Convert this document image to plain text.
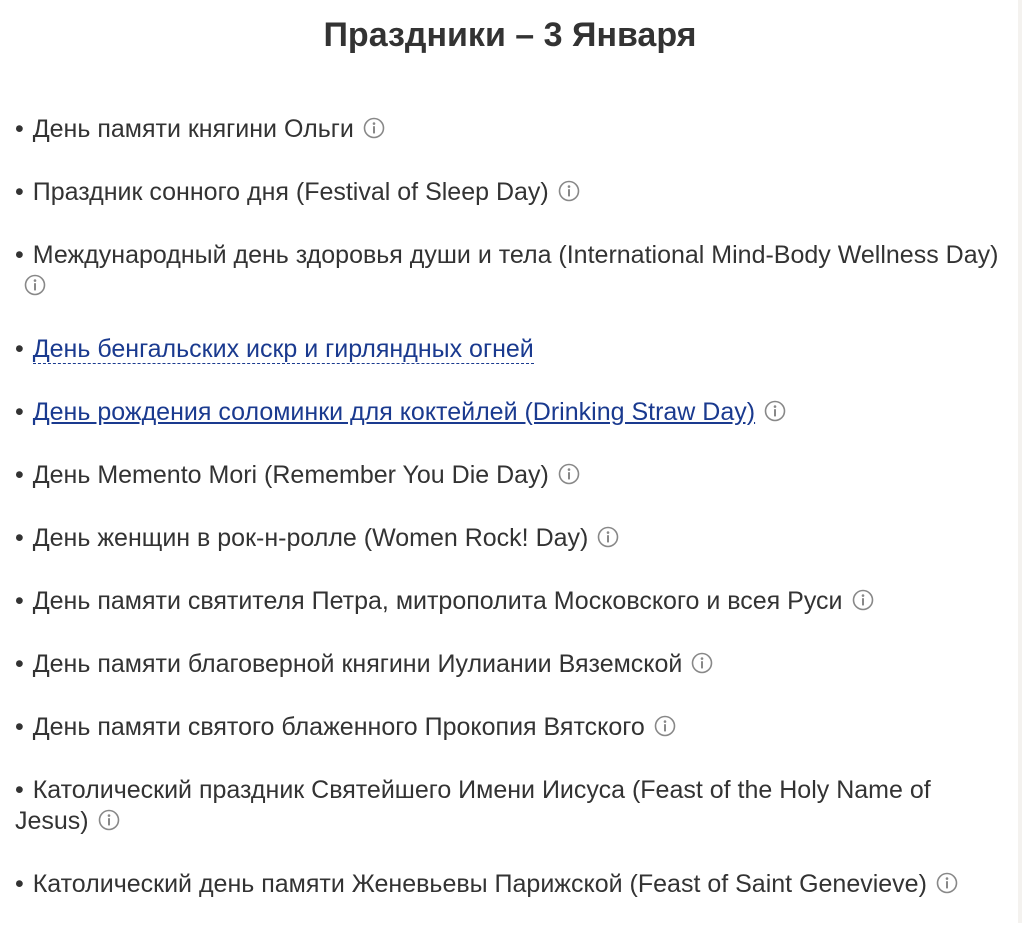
Праздники – 3 Января
• День памяти княгини Ольги
• Праздник сонного дня (Festival of Sleep Day)
• Международный день здоровья души и тела (International Mind-Body Wellness Day)
• День бенгальских искр и гирляндных огней
• День рождения соломинки для коктейлей (Drinking Straw Day)
• День Memento Mori (Remember You Die Day)
• День женщин в рок-н-ролле (Women Rock! Day)
• День памяти святителя Петра, митрополита Московского и всея Руси
• День памяти благоверной княгини Иулиании Вяземской
• День памяти святого блаженного Прокопия Вятского
• Католический праздник Святейшего Имени Иисуса (Feast of the Holy Name of Jesus)
• Католический день памяти Женевьевы Парижской (Feast of Saint Genevieve)
